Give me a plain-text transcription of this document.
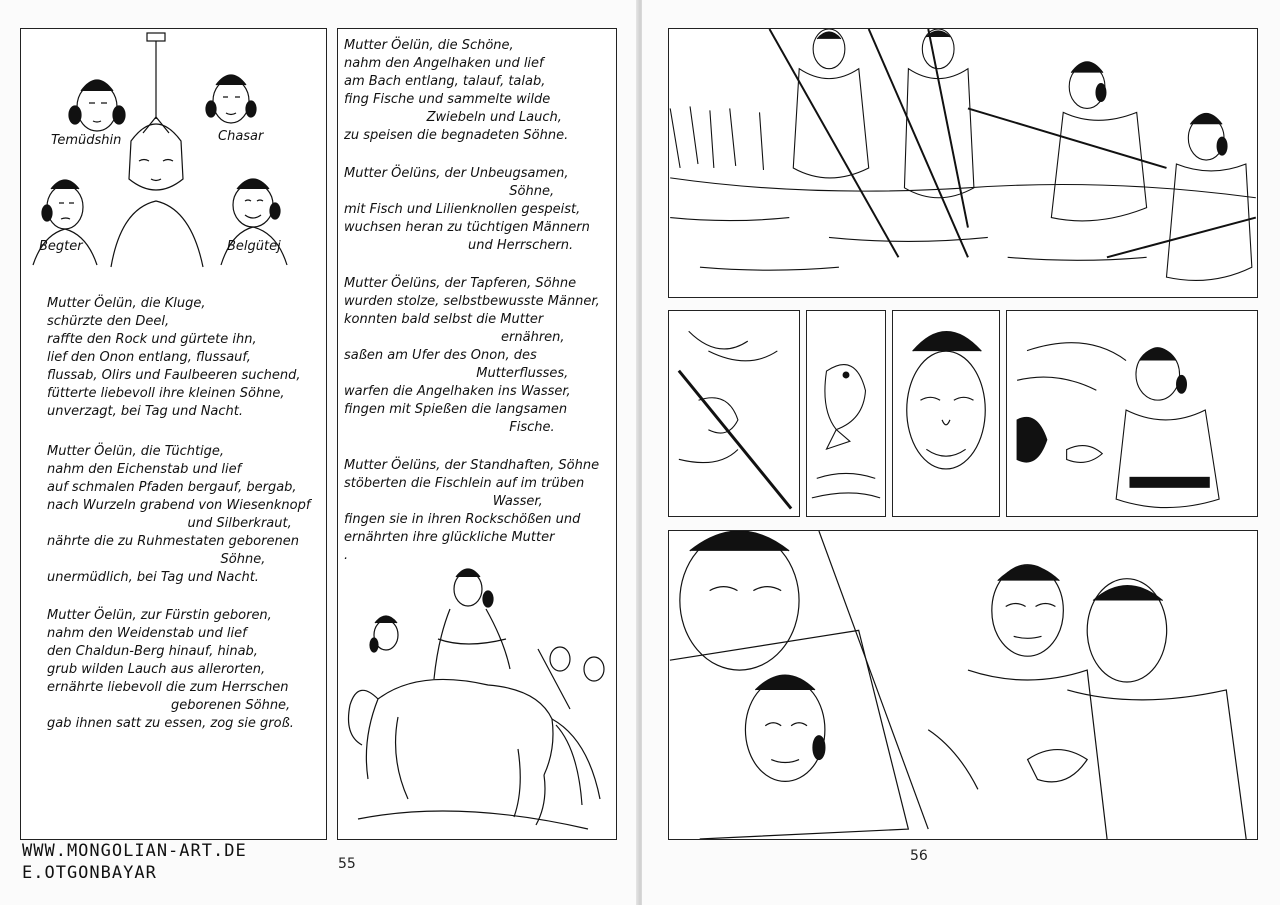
Temüdshin	Chasar
Begter	Belgütej
Mutter Öelün, die Kluge,
schürzte den Deel,
raffte den Rock und gürtete ihn,
lief den Onon entlang, flussauf,
flussab, Olirs und Faulbeeren suchend,
fütterte liebevoll ihre kleinen Söhne,
unverzagt, bei Tag und Nacht.
Mutter Öelün, die Tüchtige,
nahm den Eichenstab und lief
auf schmalen Pfaden bergauf, bergab,
nach Wurzeln grabend von Wiesenknopf
und Silberkraut,
nährte die zu Ruhmestaten geborenen
Söhne,
unermüdlich, bei Tag und Nacht.
Mutter Öelün, zur Fürstin geboren,
nahm den Weidenstab und lief
den Chaldun-Berg hinauf, hinab,
grub wilden Lauch aus allerorten,
ernährte liebevoll die zum Herrschen
geborenen Söhne,
gab ihnen satt zu essen, zog sie groß.
Mutter Öelün, die Schöne,
nahm den Angelhaken und lief
am Bach entlang, talauf, talab,
fing Fische und sammelte wilde
Zwiebeln und Lauch,
zu speisen die begnadeten Söhne.
Mutter Öelüns, der Unbeugsamen,
Söhne,
mit Fisch und Lilienknollen gespeist,
wuchsen heran zu tüchtigen Männern
und Herrschern.
Mutter Öelüns, der Tapferen, Söhne
wurden stolze, selbstbewusste Männer,
konnten bald selbst die Mutter
ernähren,
saßen am Ufer des Onon, des
Mutterflusses,
warfen die Angelhaken ins Wasser,
fingen mit Spießen die langsamen
Fische.
Mutter Öelüns, der Standhaften, Söhne
stöberten die Fischlein auf im trüben
Wasser,
fingen sie in ihren Rockschößen und
ernährten ihre glückliche Mutter
.
WWW.MONGOLIAN-ART.DE
E.OTGONBAYAR	55	56
